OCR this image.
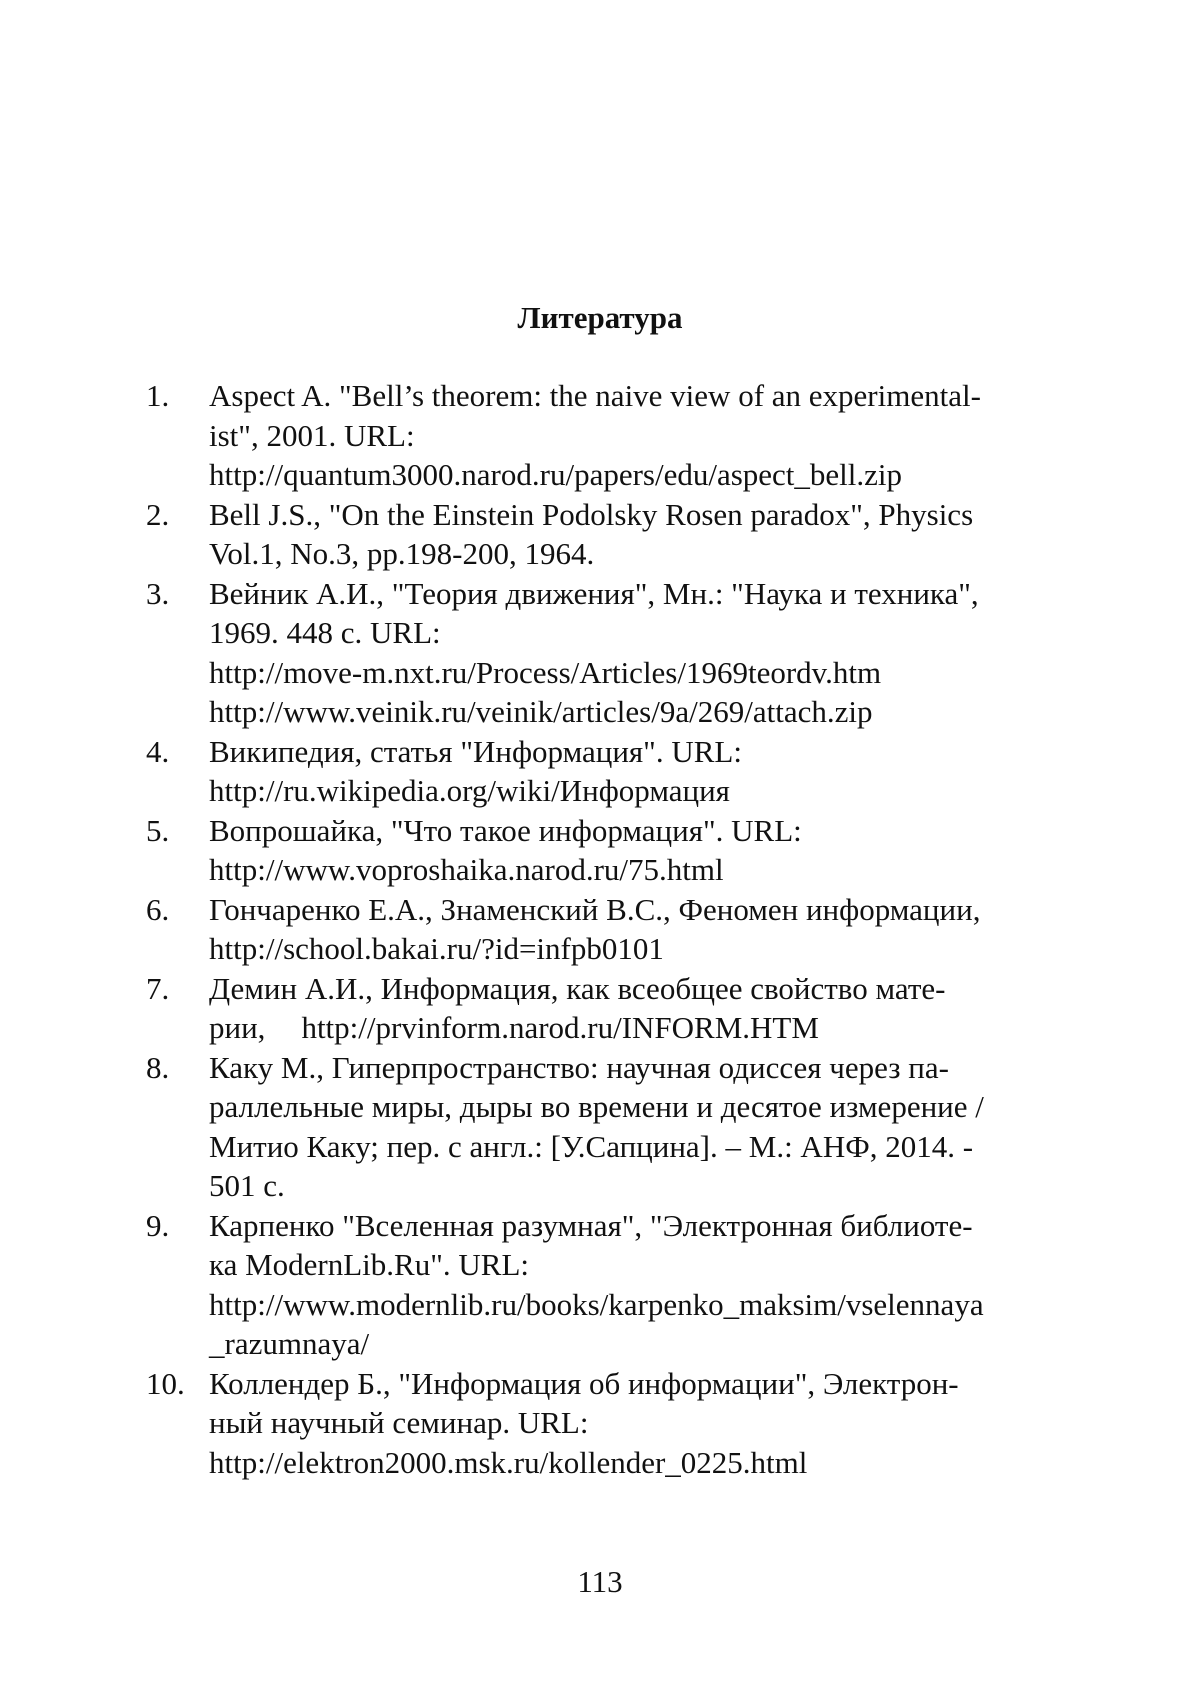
Литература
1. Aspect A. "Bell’s theorem: the naive view of an experimental-
ist", 2001. URL:
http://quantum3000.narod.ru/papers/edu/aspect_bell.zip
2. Bell J.S., "On the Einstein Podolsky Rosen paradox", Physics
Vol.1, No.3, pp.198-200, 1964.
3. Вейник А.И., "Теория движения", Мн.: "Наука и техника",
1969. 448 с. URL:
http://move-m.nxt.ru/Process/Articles/1969teordv.htm
http://www.veinik.ru/veinik/articles/9a/269/attach.zip
4. Википедия, статья "Информация". URL:
http://ru.wikipedia.org/wiki/Информация
5. Вопрошайка, "Что такое информация". URL:
http://www.voproshaika.narod.ru/75.html
6. Гончаренко Е.А., Знаменский В.С., Феномен информации,
http://school.bakai.ru/?id=infpb0101
7. Демин А.И., Информация, как всеобщее свойство мате-
рии, http://prvinform.narod.ru/INFORM.HTM
8. Каку М., Гиперпространство: научная одиссея через па-
раллельные миры, дыры во времени и десятое измерение /
Митио Каку; пер. с англ.: [У.Сапцина]. – М.: АНФ, 2014. -
501 с.
9. Карпенко "Вселенная разумная", "Электронная библиоте-
ка ModernLib.Ru". URL:
http://www.modernlib.ru/books/karpenko_maksim/vselennaya
_razumnaya/
10. Коллендер Б., "Информация об информации", Электрон-
ный научный семинар. URL:
http://elektron2000.msk.ru/kollender_0225.html
113
